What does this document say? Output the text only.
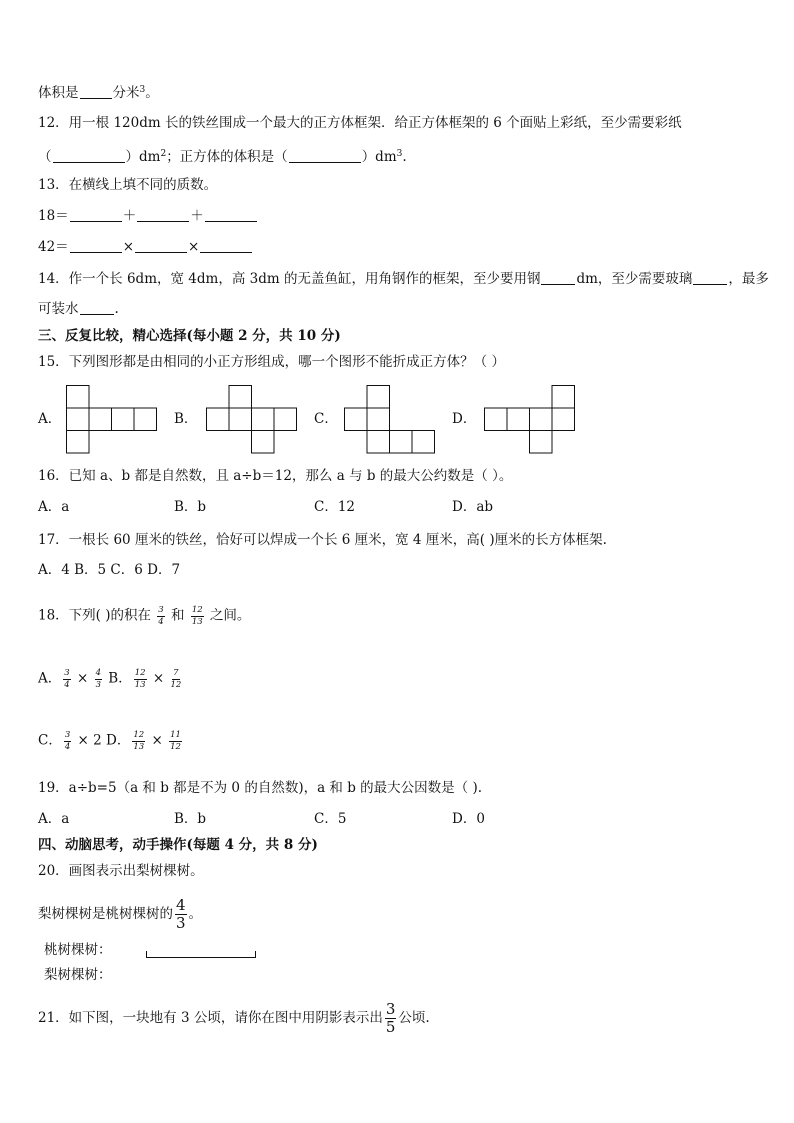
体积是	分米$^3$。
12．用一根 120dm 长的铁丝围成一个最大的正方体框架．给正方体框架的 6 个面贴上彩纸，至少需要彩纸
（	）$dm^2$；正方体的体积是（	）$dm^3$.
13．在横线上填不同的质数。
18＝	＋	＋
42＝	×	×
14．作一个长 6dm，宽 4dm，高 3dm 的无盖鱼缸，用角钢作的框架，至少要用钢	dm，至少需要玻璃	，最多
可装水	.
三、反复比较，精心选择(每小题 2 分，共 10 分)
15．下列图形都是由相同的小正方形组成，哪一个图形不能折成正方体？（ ）
A．	B．	C．	D．
16．已知 a、b 都是自然数，且 a÷b＝12，那么 a 与 b 的最大公约数是（ ）。
A．a	B．b	C．12	D．ab
17．一根长 60 厘米的铁丝，恰好可以焊成一个长 6 厘米，宽 4 厘米，高( )厘米的长方体框架.
A．4 B．5 C．6 D．7
18．下列( )的积在 $\frac{3}{4}$ 和 $\frac{12}{13}$ 之间。
A． $\frac{3}{4} \times \frac{4}{3}$ B． $\frac{12}{13} \times \frac{7}{12}$
C． $\frac{3}{4} \times 2$ D． $\frac{12}{13} \times \frac{11}{12}$
19．a÷b=5（a 和 b 都是不为 0 的自然数)，a 和 b 的最大公因数是（ ).
A．a	B．b	C．5	D．0
四、动脑思考，动手操作(每题 4 分，共 8 分)
20．画图表示出梨树棵树。
梨树棵树是桃树棵树的 $\frac{4}{3}$ 。
桃树棵树：
梨树棵树：
21．如下图，一块地有 3 公顷，请你在图中用阴影表示出 $\frac{3}{5}$ 公顷.
